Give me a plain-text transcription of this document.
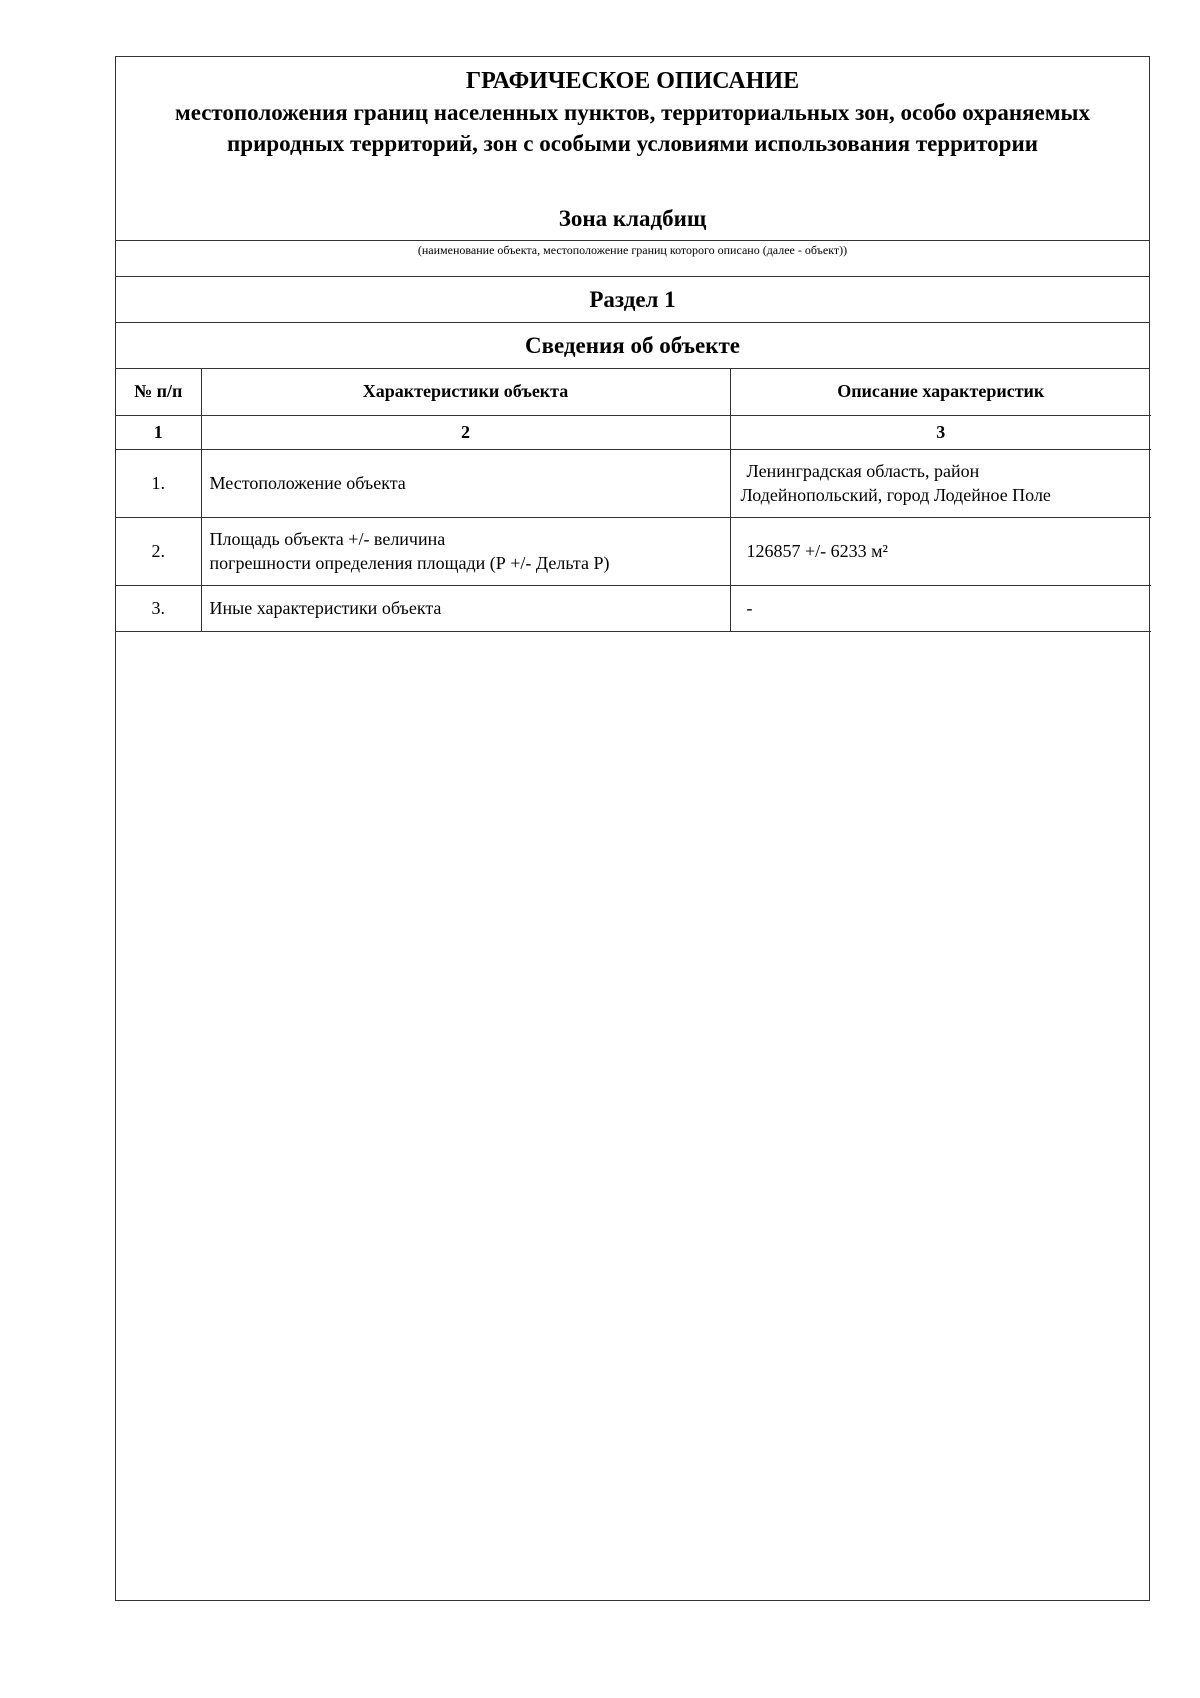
ГРАФИЧЕСКОЕ ОПИСАНИЕ
местоположения границ населенных пунктов, территориальных зон, особо охраняемых природных территорий, зон с особыми условиями использования территории
Зона кладбищ
(наименование объекта, местоположение границ которого описано (далее - объект))
Раздел 1
Сведения об объекте
№ п/п	Характеристики объекта	Описание характеристик
1	2	3
1.	Местоположение объекта	Ленинградская область, район
Лодейнопольский, город Лодейное Поле

2.	Площадь объекта +/- величина
погрешности определения площади (Р +/- Дельта Р)	126857 +/- 6233 м²
3.	Иные характеристики объекта	-
